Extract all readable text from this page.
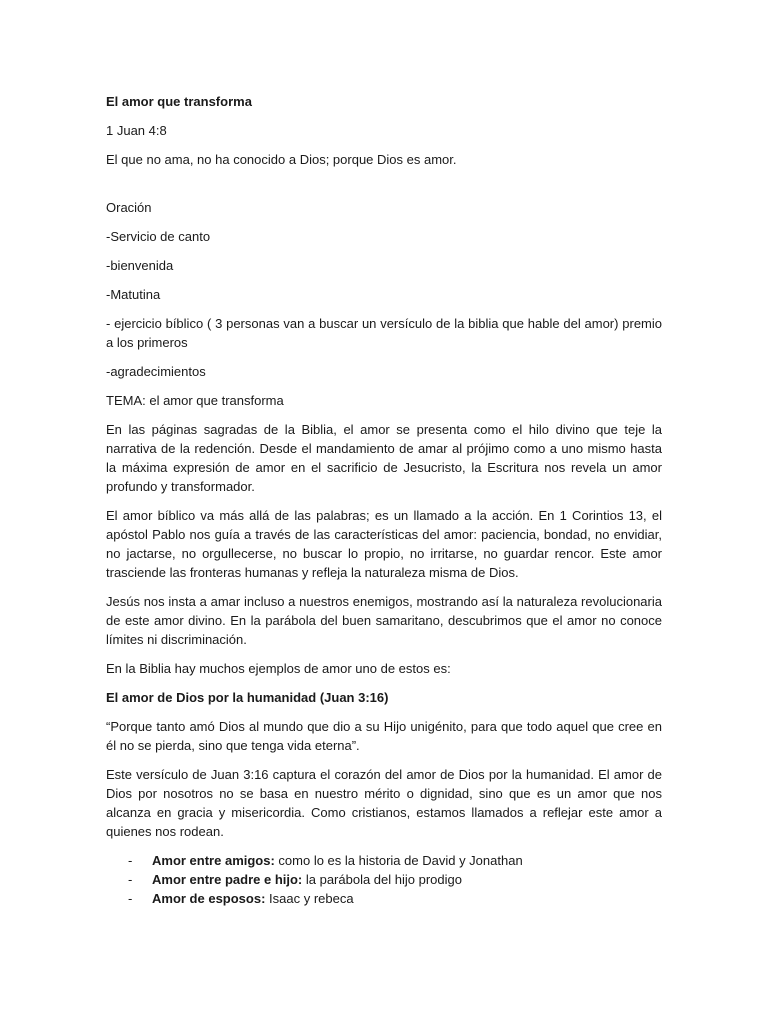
El amor que transforma

1 Juan 4:8

El que no ama, no ha conocido a Dios; porque Dios es amor.

Oración

-Servicio de canto

-bienvenida

-Matutina

- ejercicio bíblico ( 3 personas van a buscar un versículo de la biblia que hable del amor) premio a los primeros

-agradecimientos

TEMA: el amor que transforma

En las páginas sagradas de la Biblia, el amor se presenta como el hilo divino que teje la narrativa de la redención. Desde el mandamiento de amar al prójimo como a uno mismo hasta la máxima expresión de amor en el sacrificio de Jesucristo, la Escritura nos revela un amor profundo y transformador.

El amor bíblico va más allá de las palabras; es un llamado a la acción. En 1 Corintios 13, el apóstol Pablo nos guía a través de las características del amor: paciencia, bondad, no envidiar, no jactarse, no orgullecerse, no buscar lo propio, no irritarse, no guardar rencor. Este amor trasciende las fronteras humanas y refleja la naturaleza misma de Dios.

Jesús nos insta a amar incluso a nuestros enemigos, mostrando así la naturaleza revolucionaria de este amor divino. En la parábola del buen samaritano, descubrimos que el amor no conoce límites ni discriminación.

En la Biblia hay muchos ejemplos de amor uno de estos es:

El amor de Dios por la humanidad (Juan 3:16)

“Porque tanto amó Dios al mundo que dio a su Hijo unigénito, para que todo aquel que cree en él no se pierda, sino que tenga vida eterna”.

Este versículo de Juan 3:16 captura el corazón del amor de Dios por la humanidad. El amor de Dios por nosotros no se basa en nuestro mérito o dignidad, sino que es un amor que nos alcanza en gracia y misericordia. Como cristianos, estamos llamados a reflejar este amor a quienes nos rodean.

- Amor entre amigos: como lo es la historia de David y Jonathan
- Amor entre padre e hijo: la parábola del hijo prodigo
- Amor de esposos: Isaac y rebeca
